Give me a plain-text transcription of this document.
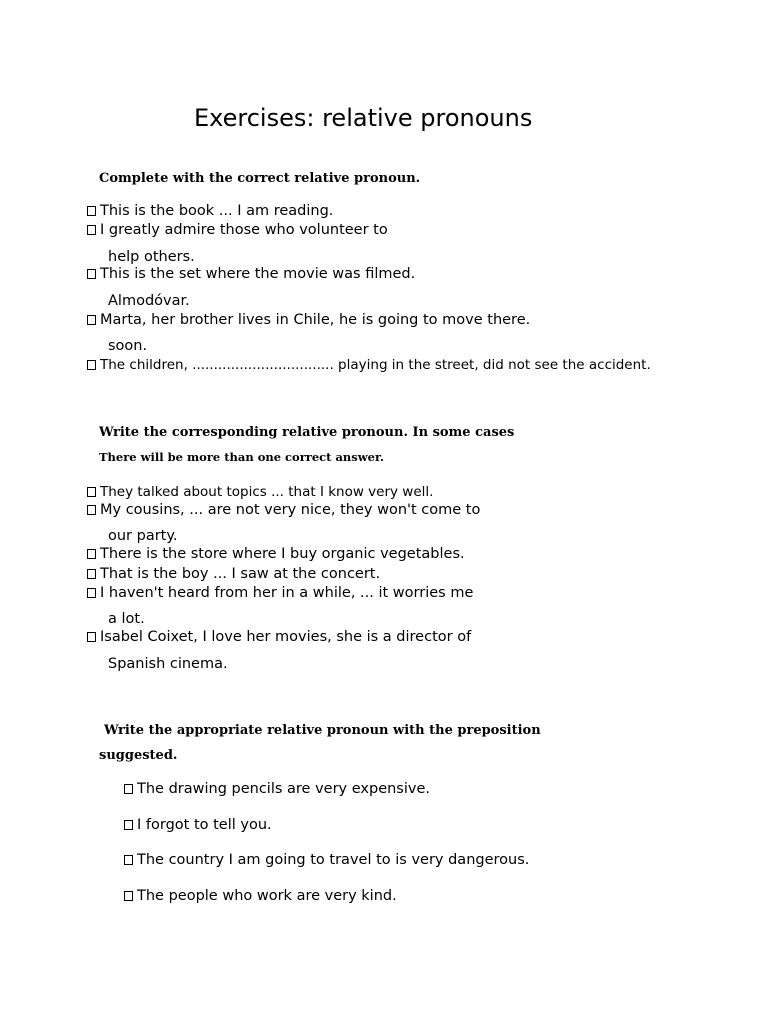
Exercises: relative pronouns
Complete with the correct relative pronoun.
This is the book ... I am reading.
I greatly admire those who volunteer to
help others.
This is the set where the movie was filmed.
Almodóvar.
Marta, her brother lives in Chile, he is going to move there.
soon.
The children, ................................. playing in the street, did not see the accident.
Write the corresponding relative pronoun. In some cases
There will be more than one correct answer.
They talked about topics ... that I know very well.
My cousins, ... are not very nice, they won't come to
our party.
There is the store where I buy organic vegetables.
That is the boy ... I saw at the concert.
I haven't heard from her in a while, ... it worries me
a lot.
Isabel Coixet, I love her movies, she is a director of
Spanish cinema.
Write the appropriate relative pronoun with the preposition
suggested.
The drawing pencils are very expensive.
I forgot to tell you.
The country I am going to travel to is very dangerous.
The people who work are very kind.
